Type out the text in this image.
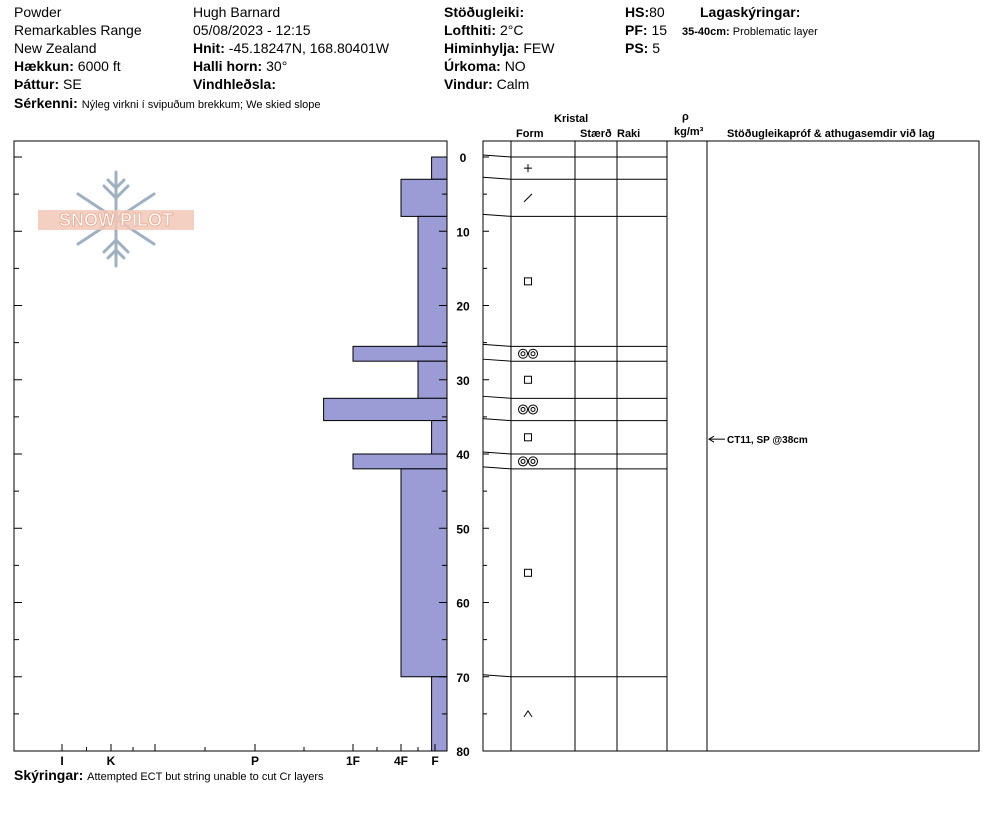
0
10
20
30
40
50
60
70
80
I	K	P	1F	4F F
CT11, SP @38cm
Powder
Remarkables Range
New Zealand
Hækkun: 6000 ft
Þáttur: SE
Sérkenni: Nýleg virkni í svipuðum brekkum; We skied slope
Hugh Barnard
05/08/2023 - 12:15
Hnit: -45.18247N, 168.80401W
Halli horn: 30°
Vindhleðsla:
Stöðugleiki:
Lofthiti: 2°C
Himinhylja: FEW
Úrkoma: NO
Vindur: Calm
HS:80
PF: 15
PS: 5
Lagaskýringar:
35-40cm: Problematic layer
Kristal
Form	Stærð Raki
ρ
kg/m³ Stöðugleikapróf & athugasemdir við lag
Skýringar: Attempted ECT but string unable to cut Cr layers
SNOW PILOT
